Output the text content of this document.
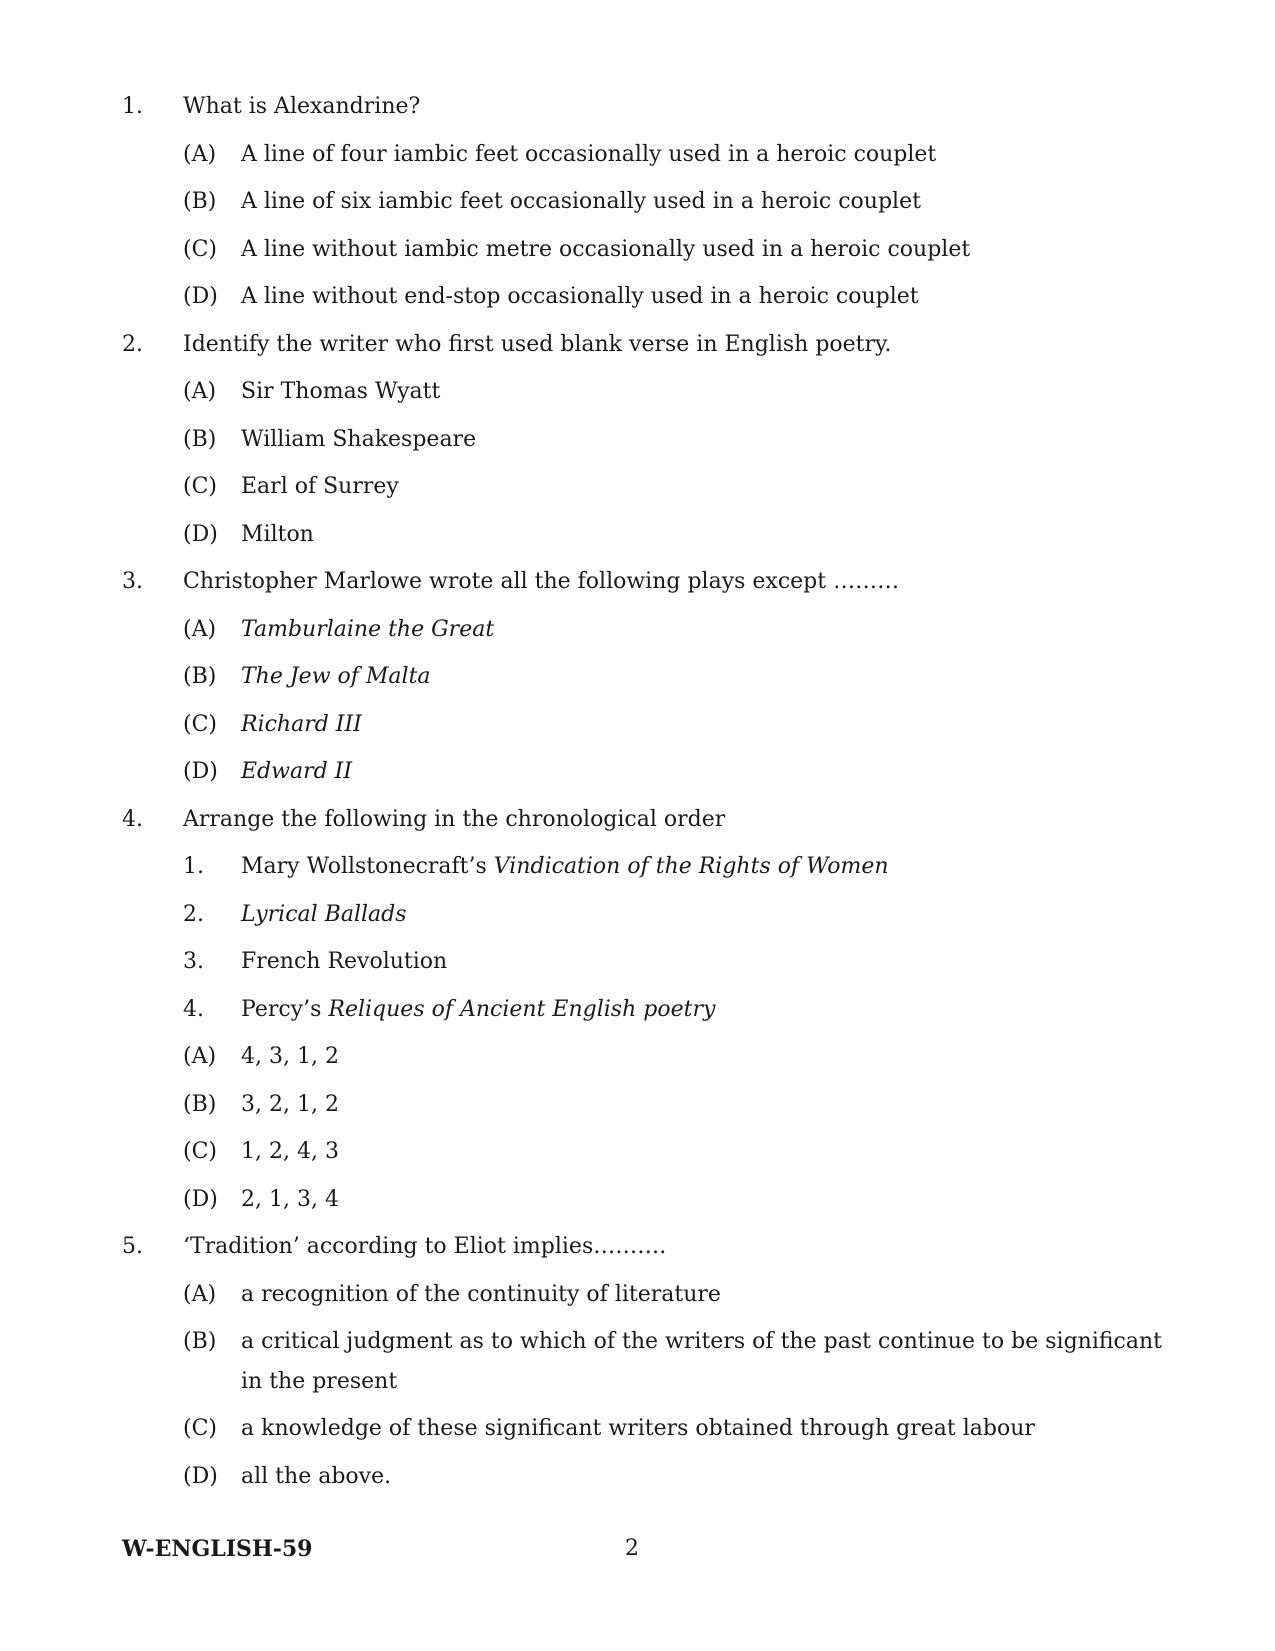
1.	What is Alexandrine?
(A)	A line of four iambic feet occasionally used in a heroic couplet
(B)	A line of six iambic feet occasionally used in a heroic couplet
(C)	A line without iambic metre occasionally used in a heroic couplet
(D)	A line without end-stop occasionally used in a heroic couplet
2.	Identify the writer who first used blank verse in English poetry.
(A)	Sir Thomas Wyatt
(B)	William Shakespeare
(C)	Earl of Surrey
(D)	Milton
3.	Christopher Marlowe wrote all the following plays except ………
(A)	Tamburlaine the Great
(B)	The Jew of Malta
(C)	Richard III
(D)	Edward II
4.	Arrange the following in the chronological order
1.	Mary Wollstonecraft’s Vindication of the Rights of Women
2.	Lyrical Ballads
3.	French Revolution
4.	Percy’s Reliques of Ancient English poetry
(A)	4, 3, 1, 2
(B)	3, 2, 1, 2
(C)	1, 2, 4, 3
(D)	2, 1, 3, 4
5.	‘Tradition’ according to Eliot implies……….
(A)	a recognition of the continuity of literature
(B)	a critical judgment as to which of the writers of the past continue to be significant in the present
(C)	a knowledge of these significant writers obtained through great labour
(D)	all the above.
W-ENGLISH-59	2
